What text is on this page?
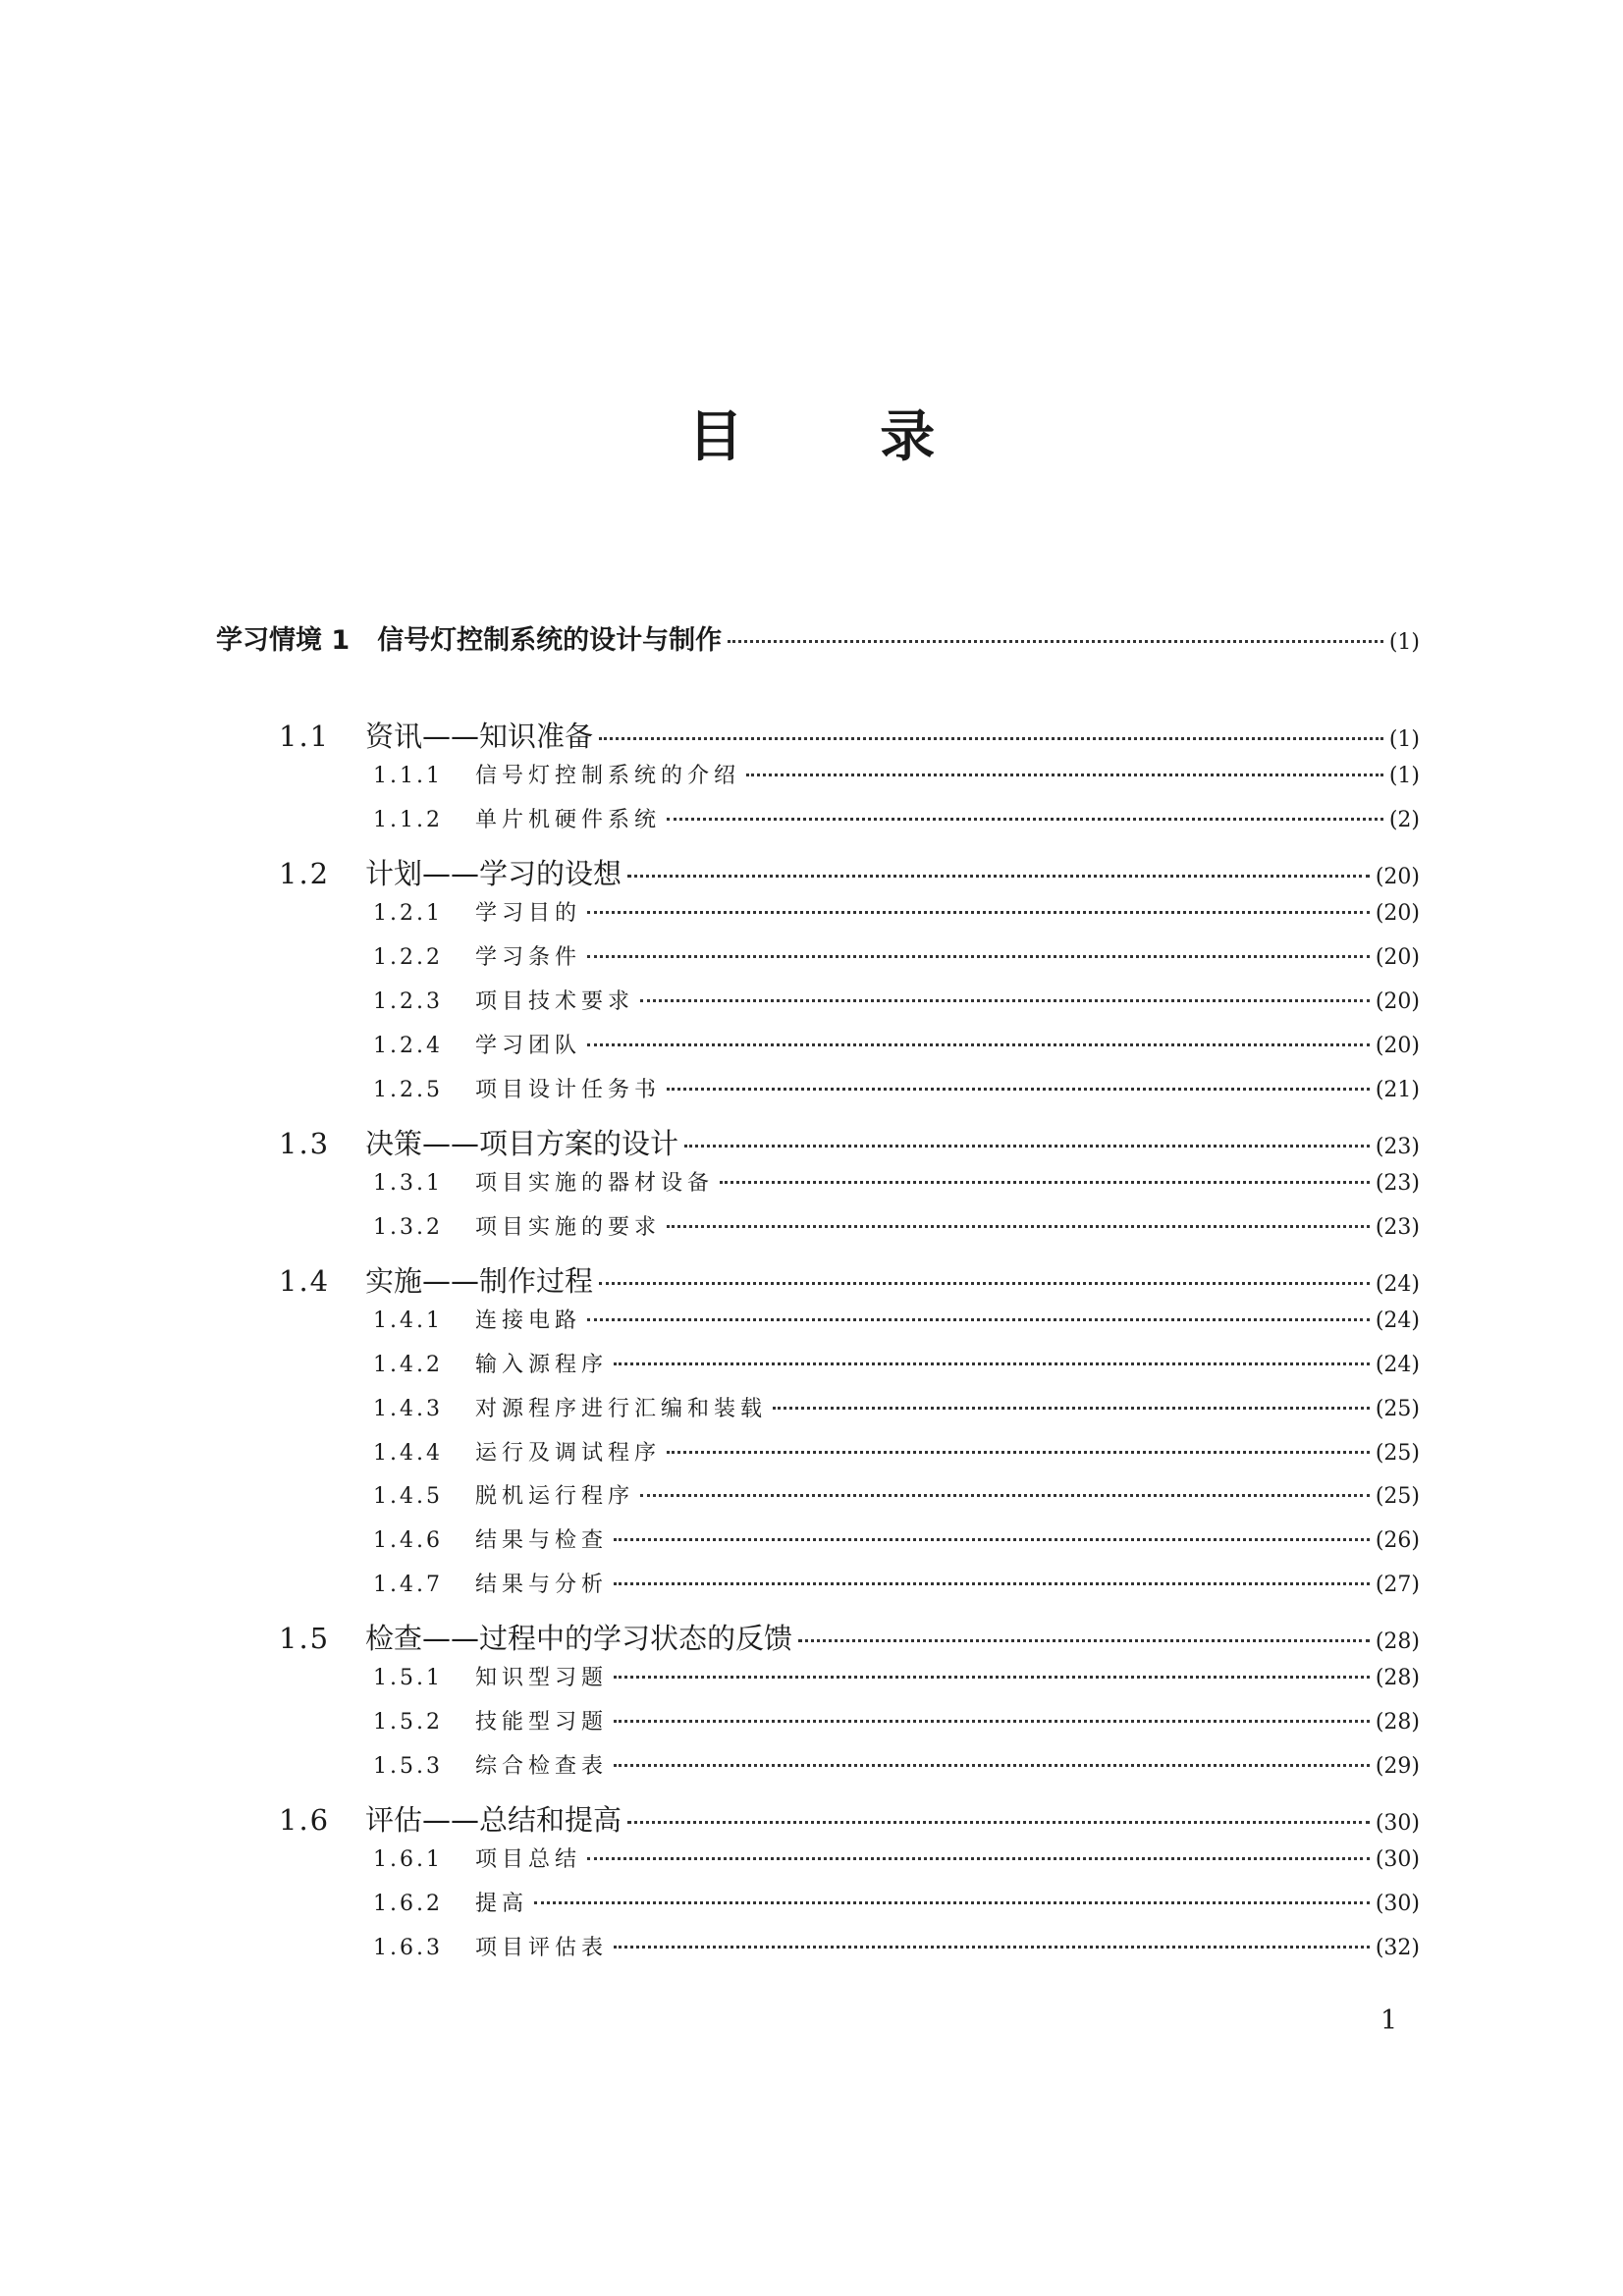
目 录
学习情境 1 信号灯控制系统的设计与制作	(1)
1.1	资讯——知识准备	(1)
1.1.1	信号灯控制系统的介绍	(1)
1.1.2	单片机硬件系统	(2)
1.2	计划——学习的设想	(20)
1.2.1	学习目的	(20)
1.2.2	学习条件	(20)
1.2.3	项目技术要求	(20)
1.2.4	学习团队	(20)
1.2.5	项目设计任务书	(21)
1.3	决策——项目方案的设计	(23)
1.3.1	项目实施的器材设备	(23)
1.3.2	项目实施的要求	(23)
1.4	实施——制作过程	(24)
1.4.1	连接电路	(24)
1.4.2	输入源程序	(24)
1.4.3	对源程序进行汇编和装载	(25)
1.4.4	运行及调试程序	(25)
1.4.5	脱机运行程序	(25)
1.4.6	结果与检查	(26)
1.4.7	结果与分析	(27)
1.5	检查——过程中的学习状态的反馈	(28)
1.5.1	知识型习题	(28)
1.5.2	技能型习题	(28)
1.5.3	综合检查表	(29)
1.6	评估——总结和提高	(30)
1.6.1	项目总结	(30)
1.6.2	提高	(30)
1.6.3	项目评估表	(32)
1
